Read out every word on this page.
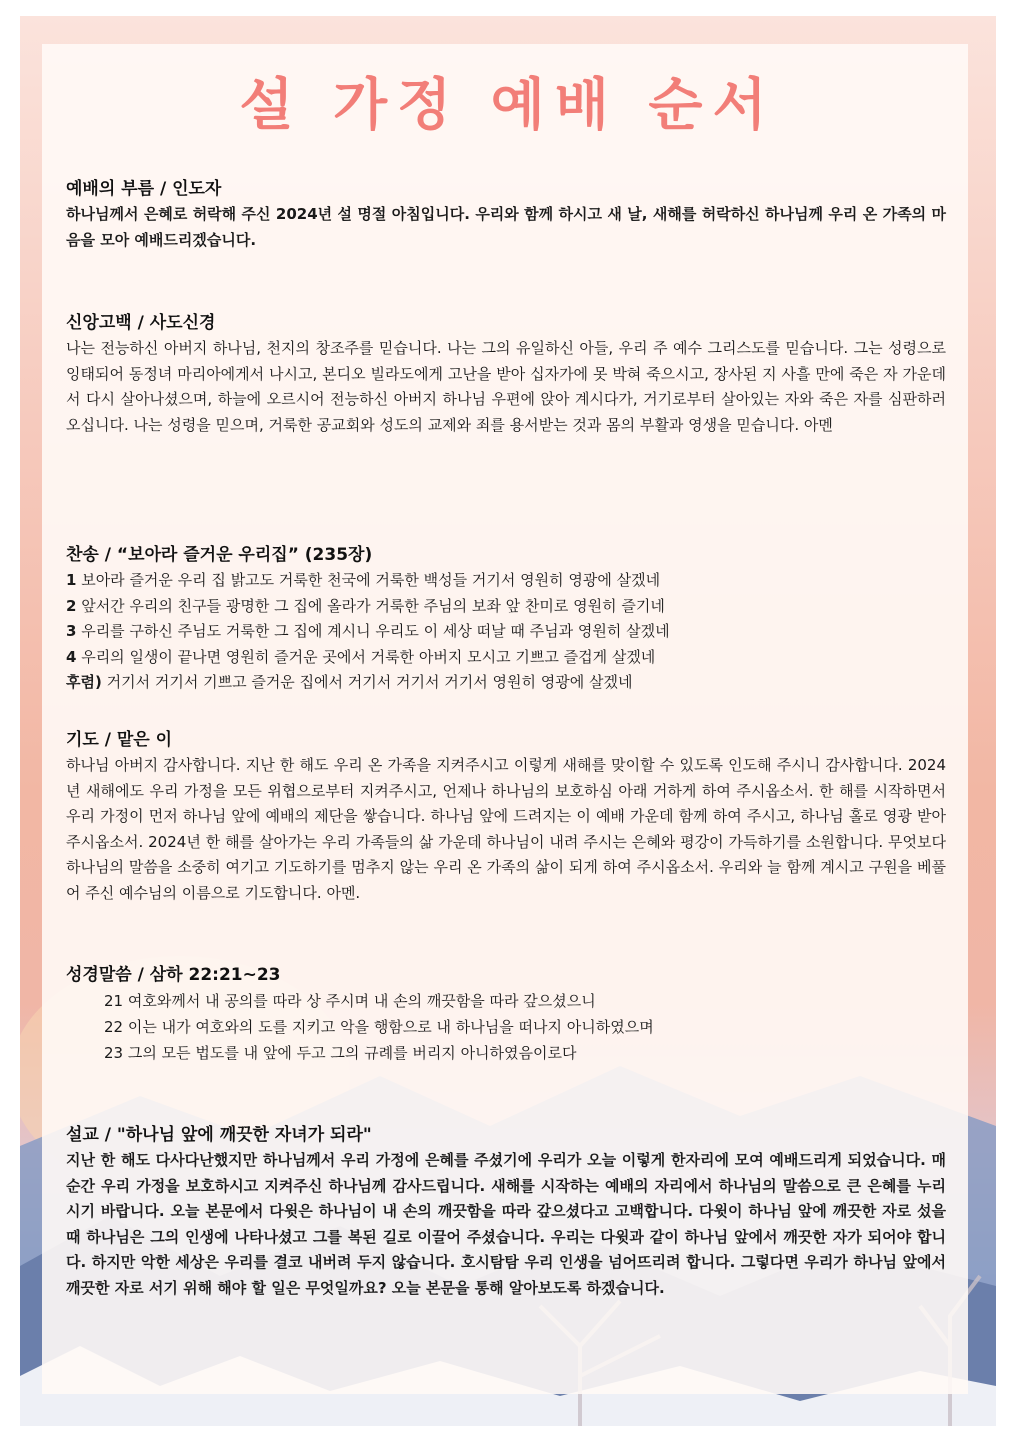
설 가정 예배 순서
예배의 부름 / 인도자
하나님께서 은혜로 허락해 주신 2024년 설 명절 아침입니다. 우리와 함께 하시고 새 날, 새해를 허락하신 하나님께 우리 온 가족의 마음을 모아 예배드리겠습니다.
신앙고백 / 사도신경
나는 전능하신 아버지 하나님, 천지의 창조주를 믿습니다. 나는 그의 유일하신 아들, 우리 주 예수 그리스도를 믿습니다. 그는 성령으로 잉태되어 동정녀 마리아에게서 나시고, 본디오 빌라도에게 고난을 받아 십자가에 못 박혀 죽으시고, 장사된 지 사흘 만에 죽은 자 가운데서 다시 살아나셨으며, 하늘에 오르시어 전능하신 아버지 하나님 우편에 앉아 계시다가, 거기로부터 살아있는 자와 죽은 자를 심판하러 오십니다. 나는 성령을 믿으며, 거룩한 공교회와 성도의 교제와 죄를 용서받는 것과 몸의 부활과 영생을 믿습니다. 아멘
찬송 / “보아라 즐거운 우리집” (235장)
1 보아라 즐거운 우리 집 밝고도 거룩한 천국에 거룩한 백성들 거기서 영원히 영광에 살겠네
2 앞서간 우리의 친구들 광명한 그 집에 올라가 거룩한 주님의 보좌 앞 찬미로 영원히 즐기네
3 우리를 구하신 주님도 거룩한 그 집에 계시니 우리도 이 세상 떠날 때 주님과 영원히 살겠네
4 우리의 일생이 끝나면 영원히 즐거운 곳에서 거룩한 아버지 모시고 기쁘고 즐겁게 살겠네
후렴) 거기서 거기서 기쁘고 즐거운 집에서 거기서 거기서 거기서 영원히 영광에 살겠네
기도 / 맡은 이
하나님 아버지 감사합니다. 지난 한 해도 우리 온 가족을 지켜주시고 이렇게 새해를 맞이할 수 있도록 인도해 주시니 감사합니다. 2024년 새해에도 우리 가정을 모든 위협으로부터 지켜주시고, 언제나 하나님의 보호하심 아래 거하게 하여 주시옵소서. 한 해를 시작하면서 우리 가정이 먼저 하나님 앞에 예배의 제단을 쌓습니다. 하나님 앞에 드려지는 이 예배 가운데 함께 하여 주시고, 하나님 홀로 영광 받아 주시옵소서. 2024년 한 해를 살아가는 우리 가족들의 삶 가운데 하나님이 내려 주시는 은혜와 평강이 가득하기를 소원합니다. 무엇보다 하나님의 말씀을 소중히 여기고 기도하기를 멈추지 않는 우리 온 가족의 삶이 되게 하여 주시옵소서. 우리와 늘 함께 계시고 구원을 베풀어 주신 예수님의 이름으로 기도합니다. 아멘.
성경말씀 / 삼하 22:21~23
21 여호와께서 내 공의를 따라 상 주시며 내 손의 깨끗함을 따라 갚으셨으니
22 이는 내가 여호와의 도를 지키고 악을 행함으로 내 하나님을 떠나지 아니하였으며
23 그의 모든 법도를 내 앞에 두고 그의 규례를 버리지 아니하였음이로다
설교 / "하나님 앞에 깨끗한 자녀가 되라"
지난 한 해도 다사다난했지만 하나님께서 우리 가정에 은혜를 주셨기에 우리가 오늘 이렇게 한자리에 모여 예배드리게 되었습니다. 매 순간 우리 가정을 보호하시고 지켜주신 하나님께 감사드립니다. 새해를 시작하는 예배의 자리에서 하나님의 말씀으로 큰 은혜를 누리시기 바랍니다. 오늘 본문에서 다윗은 하나님이 내 손의 깨끗함을 따라 갚으셨다고 고백합니다. 다윗이 하나님 앞에 깨끗한 자로 섰을 때 하나님은 그의 인생에 나타나셨고 그를 복된 길로 이끌어 주셨습니다. 우리는 다윗과 같이 하나님 앞에서 깨끗한 자가 되어야 합니다. 하지만 악한 세상은 우리를 결코 내버려 두지 않습니다. 호시탐탐 우리 인생을 넘어뜨리려 합니다. 그렇다면 우리가 하나님 앞에서 깨끗한 자로 서기 위해 해야 할 일은 무엇일까요? 오늘 본문을 통해 알아보도록 하겠습니다.
